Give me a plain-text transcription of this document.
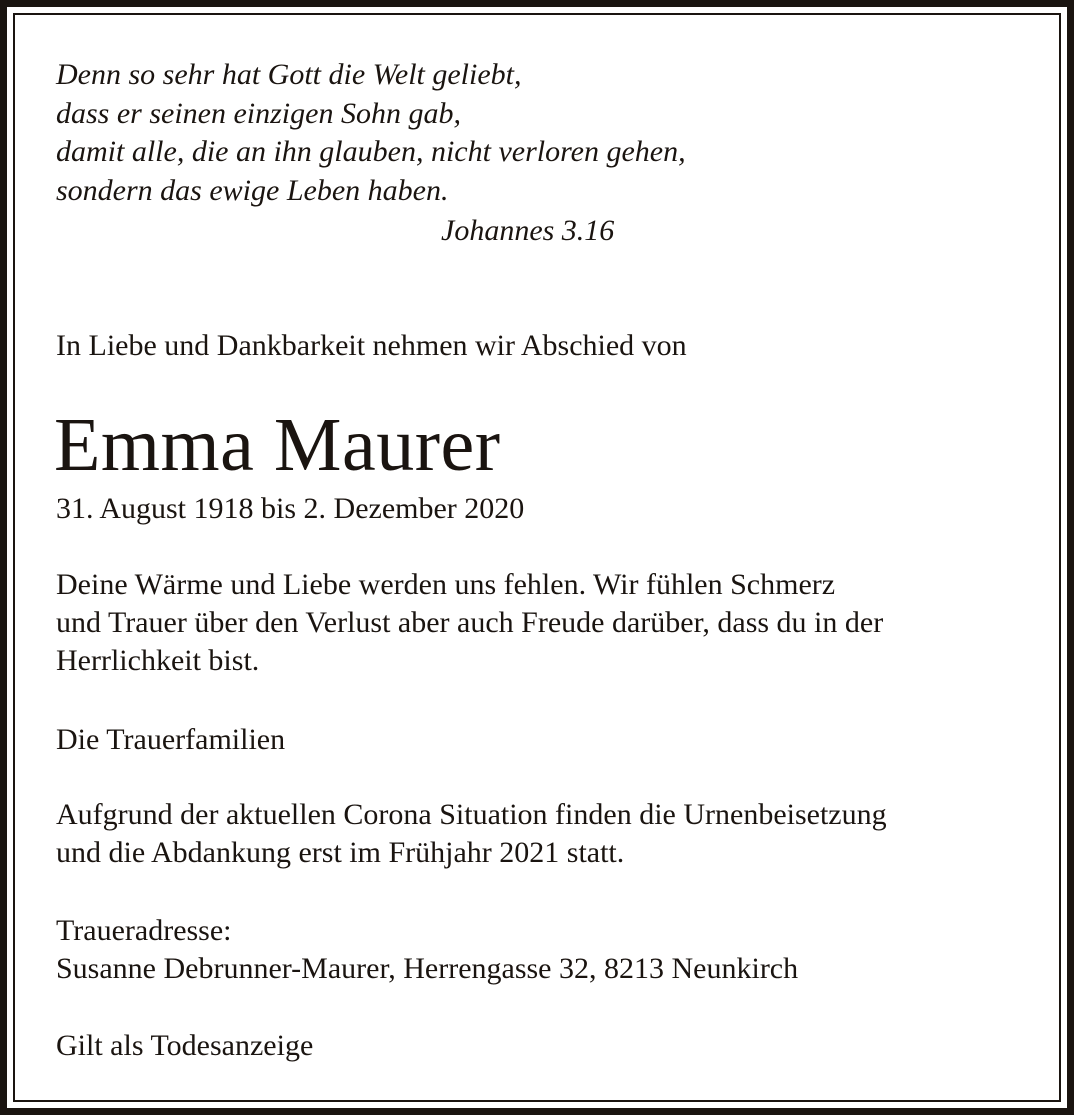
Denn so sehr hat Gott die Welt geliebt,
dass er seinen einzigen Sohn gab,
damit alle, die an ihn glauben, nicht verloren gehen,
sondern das ewige Leben haben.
Johannes 3.16
In Liebe und Dankbarkeit nehmen wir Abschied von
Emma Maurer
31. August 1918 bis 2. Dezember 2020
Deine Wärme und Liebe werden uns fehlen. Wir fühlen Schmerz
und Trauer über den Verlust aber auch Freude darüber, dass du in der
Herrlichkeit bist.
Die Trauerfamilien
Aufgrund der aktuellen Corona Situation finden die Urnenbeisetzung
und die Abdankung erst im Frühjahr 2021 statt.
Traueradresse:
Susanne Debrunner-Maurer, Herrengasse 32, 8213 Neunkirch
Gilt als Todesanzeige
